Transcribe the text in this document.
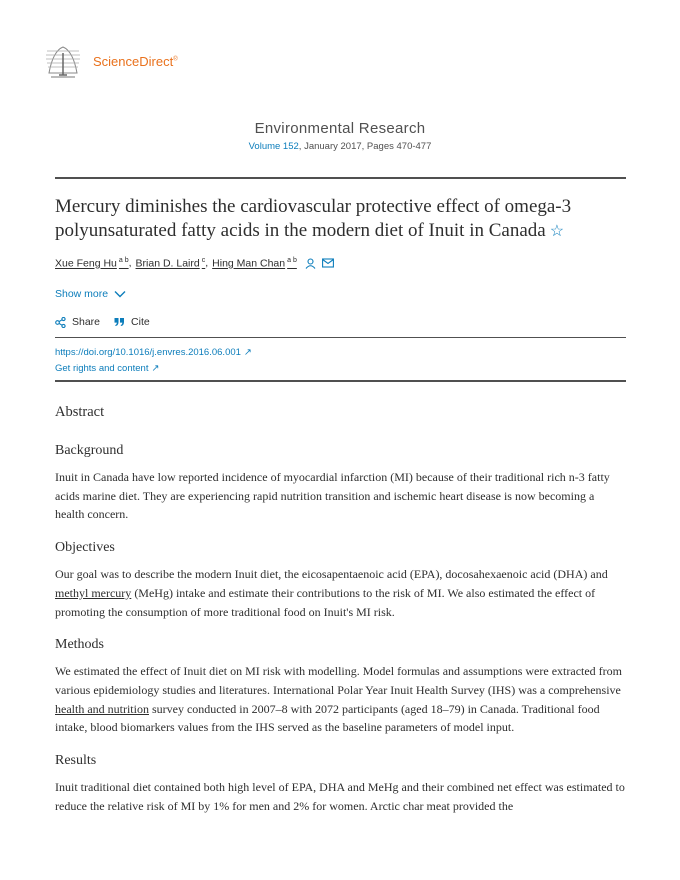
ScienceDirect®
Environmental Research
Volume 152, January 2017, Pages 470-477
Mercury diminishes the cardiovascular protective effect of omega-3 polyunsaturated fatty acids in the modern diet of Inuit in Canada ☆
Xue Feng Hu $^{a b}$ , Brian D. Laird $^c$ , Hing Man Chan $^{a b}$
Show more
Share	Cite
https://doi.org/10.1016/j.envres.2016.06.001 ↗
Get rights and content ↗
Abstract
Background

Inuit in Canada have low reported incidence of myocardial infarction (MI) because of their traditional rich n-3 fatty acids marine diet. They are experiencing rapid nutrition transition and ischemic heart disease is now becoming a health concern.

Objectives

Our goal was to describe the modern Inuit diet, the eicosapentaenoic acid (EPA), docosahexaenoic acid (DHA) and methyl mercury (MeHg) intake and estimate their contributions to the risk of MI. We also estimated the effect of promoting the consumption of more traditional food on Inuit's MI risk.

Methods

We estimated the effect of Inuit diet on MI risk with modelling. Model formulas and assumptions were extracted from various epidemiology studies and literatures. International Polar Year Inuit Health Survey (IHS) was a comprehensive health and nutrition survey conducted in 2007–8 with 2072 participants (aged 18–79) in Canada. Traditional food intake, blood biomarkers values from the IHS served as the baseline parameters of model input.

Results

Inuit traditional diet contained both high level of EPA, DHA and MeHg and their combined net effect was estimated to reduce the relative risk of MI by 1% for men and 2% for women. Arctic char meat provided the
